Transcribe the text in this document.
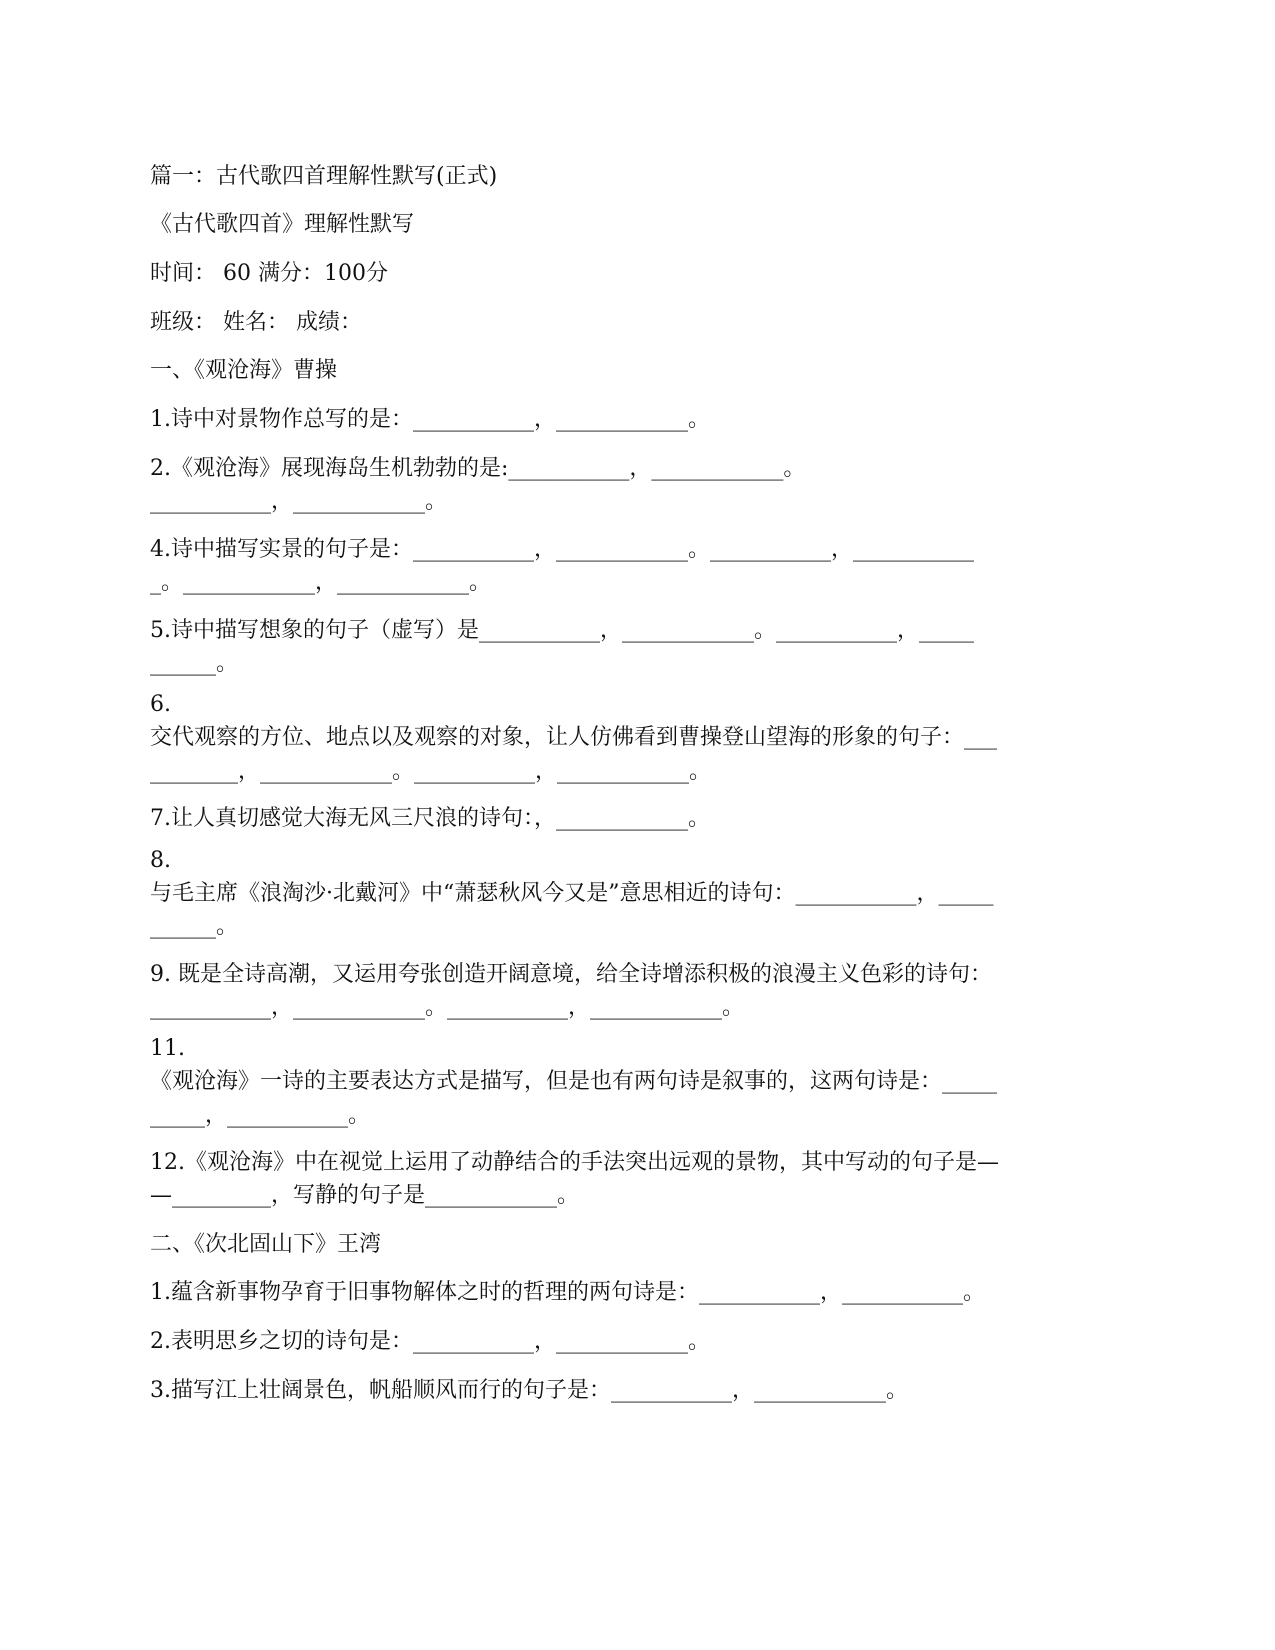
篇一：古代歌四首理解性默写(正式)
《古代歌四首》理解性默写
时间： 60 满分：100分
班级： 姓名： 成绩：
一、《观沧海》曹操
1.诗中对景物作总写的是：___________，____________。
2.《观沧海》展现海岛生机勃勃的是:___________，____________。
___________，____________。
4.诗中描写实景的句子是：___________，____________。___________，___________
_。____________，____________。
5.诗中描写想象的句子（虚写）是___________，____________。___________，_____
______。
6.
交代观察的方位、地点以及观察的对象，让人仿佛看到曹操登山望海的形象的句子：___
________，____________。___________，____________。
7.让人真切感觉大海无风三尺浪的诗句：，____________。
8.
与毛主席《浪淘沙·北戴河》中“萧瑟秋风今又是”意思相近的诗句：___________，_____
______。
9. 既是全诗高潮，又运用夸张创造开阔意境，给全诗增添积极的浪漫主义色彩的诗句：
___________，____________。___________，____________。
11.
《观沧海》一诗的主要表达方式是描写，但是也有两句诗是叙事的，这两句诗是：_____
_____，___________。
12.《观沧海》中在视觉上运用了动静结合的手法突出远观的景物，其中写动的句子是—
—_________，写静的句子是____________。
二、《次北固山下》王湾
1.蕴含新事物孕育于旧事物解体之时的哲理的两句诗是：___________，___________。
2.表明思乡之切的诗句是：___________，____________。
3.描写江上壮阔景色，帆船顺风而行的句子是：___________，____________。
